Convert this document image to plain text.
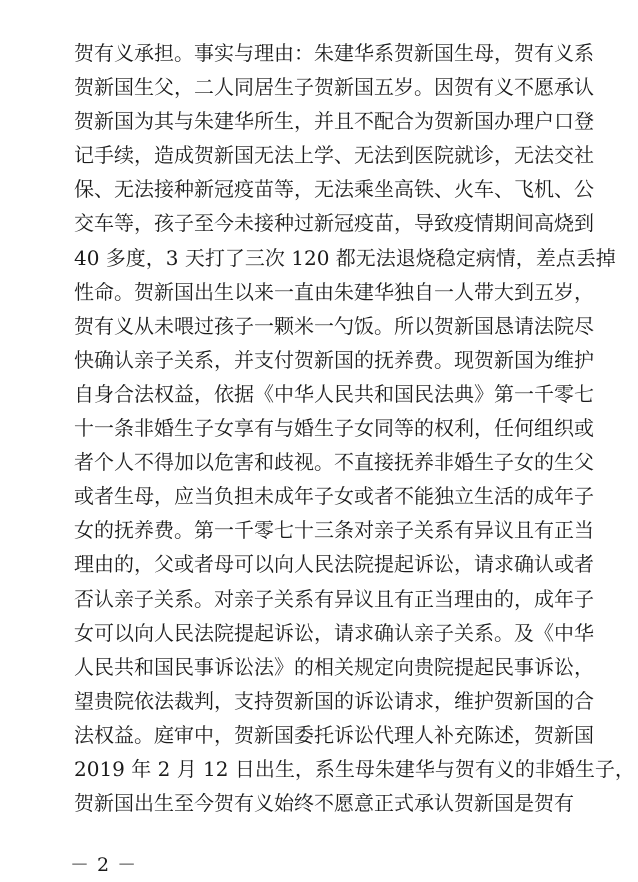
贺有义承担。事实与理由：朱建华系贺新国生母，贺有义系
贺新国生父，二人同居生子贺新国五岁。因贺有义不愿承认
贺新国为其与朱建华所生，并且不配合为贺新国办理户口登
记手续，造成贺新国无法上学、无法到医院就诊，无法交社
保、无法接种新冠疫苗等，无法乘坐高铁、火车、飞机、公
交车等，孩子至今未接种过新冠疫苗，导致疫情期间高烧到
40 多度，3 天打了三次 120 都无法退烧稳定病情，差点丢掉
性命。贺新国出生以来一直由朱建华独自一人带大到五岁，
贺有义从未喂过孩子一颗米一勺饭。所以贺新国恳请法院尽
快确认亲子关系，并支付贺新国的抚养费。现贺新国为维护
自身合法权益，依据《中华人民共和国民法典》第一千零七
十一条非婚生子女享有与婚生子女同等的权利，任何组织或
者个人不得加以危害和歧视。不直接抚养非婚生子女的生父
或者生母，应当负担未成年子女或者不能独立生活的成年子
女的抚养费。第一千零七十三条对亲子关系有异议且有正当
理由的，父或者母可以向人民法院提起诉讼，请求确认或者
否认亲子关系。对亲子关系有异议且有正当理由的，成年子
女可以向人民法院提起诉讼，请求确认亲子关系。及《中华
人民共和国民事诉讼法》的相关规定向贵院提起民事诉讼，
望贵院依法裁判，支持贺新国的诉讼请求，维护贺新国的合
法权益。庭审中，贺新国委托诉讼代理人补充陈述，贺新国
2019 年 2 月 12 日出生，系生母朱建华与贺有义的非婚生子，
贺新国出生至今贺有义始终不愿意正式承认贺新国是贺有
－ 2 －
